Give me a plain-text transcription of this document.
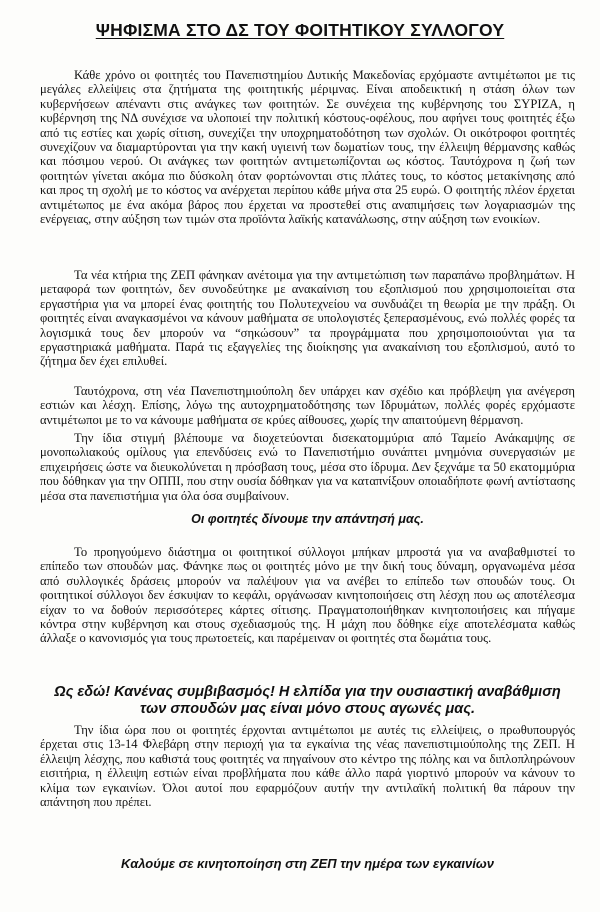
ΨΗΦΙΣΜΑ ΣΤΟ ΔΣ ΤΟΥ ΦΟΙΤΗΤΙΚΟΥ ΣΥΛΛΟΓΟΥ

Κάθε χρόνο οι φοιτητές του Πανεπιστημίου Δυτικής Μακεδονίας ερχόμαστε αντιμέτωποι με τις μεγάλες ελλείψεις στα ζητήματα της φοιτητικής μέριμνας. Είναι αποδεικτική η στάση όλων των κυβερνήσεων απέναντι στις ανάγκες των φοιτητών. Σε συνέχεια της κυβέρνησης του ΣΥΡΙΖΑ, η κυβέρνηση της ΝΔ συνέχισε να υλοποιεί την πολιτική κόστους-οφέλους, που αφήνει τους φοιτητές έξω από τις εστίες και χωρίς σίτιση, συνεχίζει την υποχρηματοδότηση των σχολών. Οι οικότροφοι φοιτητές συνεχίζουν να διαμαρτύρονται για την κακή υγιεινή των δωματίων τους, την έλλειψη θέρμανσης καθώς και πόσιμου νερού. Οι ανάγκες των φοιτητών αντιμετωπίζονται ως κόστος. Ταυτόχρονα η ζωή των φοιτητών γίνεται ακόμα πιο δύσκολη όταν φορτώνονται στις πλάτες τους, το κόστος μετακίνησης από και προς τη σχολή με το κόστος να ανέρχεται περίπου κάθε μήνα στα 25 ευρώ. Ο φοιτητής πλέον έρχεται αντιμέτωπος με ένα ακόμα βάρος που έρχεται να προστεθεί στις αναπιμήσεις των λογαριασμών της ενέργειας, στην αύξηση των τιμών στα προϊόντα λαϊκής κατανάλωσης, στην αύξηση των ενοικίων.

Τα νέα κτήρια της ΖΕΠ φάνηκαν ανέτοιμα για την αντιμετώπιση των παραπάνω προβλημάτων. Η μεταφορά των φοιτητών, δεν συνοδεύτηκε με ανακαίνιση του εξοπλισμού που χρησιμοποιείται στα εργαστήρια για να μπορεί ένας φοιτητής του Πολυτεχνείου να συνδυάζει τη θεωρία με την πράξη. Οι φοιτητές είναι αναγκασμένοι να κάνουν μαθήματα σε υπολογιστές ξεπερασμένους, ενώ πολλές φορές τα λογισμικά τους δεν μπορούν να “σηκώσουν” τα προγράμματα που χρησιμοποιούνται για τα εργαστηριακά μαθήματα. Παρά τις εξαγγελίες της διοίκησης για ανακαίνιση του εξοπλισμού, αυτό το ζήτημα δεν έχει επιλυθεί.

Ταυτόχρονα, στη νέα Πανεπιστημιούπολη δεν υπάρχει καν σχέδιο και πρόβλεψη για ανέγερση εστιών και λέσχη. Επίσης, λόγω της αυτοχρηματοδότησης των Ιδρυμάτων, πολλές φορές ερχόμαστε αντιμέτωποι με το να κάνουμε μαθήματα σε κρύες αίθουσες, χωρίς την απαιτούμενη θέρμανση.

Την ίδια στιγμή βλέπουμε να διοχετεύονται δισεκατομμύρια από Ταμείο Ανάκαμψης σε μονοπωλιακούς ομίλους για επενδύσεις ενώ το Πανεπιστήμιο συνάπτει μνημόνια συνεργασιών με επιχειρήσεις ώστε να διευκολύνεται η πρόσβαση τους, μέσα στο ίδρυμα. Δεν ξεχνάμε τα 50 εκατομμύρια που δόθηκαν για την ΟΠΠΙ, που στην ουσία δόθηκαν για να καταπνίξουν οποιαδήποτε φωνή αντίστασης μέσα στα πανεπιστήμια για όλα όσα συμβαίνουν.

Οι φοιτητές δίνουμε την απάντησή μας.

Το προηγούμενο διάστημα οι φοιτητικοί σύλλογοι μπήκαν μπροστά για να αναβαθμιστεί το επίπεδο των σπουδών μας. Φάνηκε πως οι φοιτητές μόνο με την δική τους δύναμη, οργανωμένα μέσα από συλλογικές δράσεις μπορούν να παλέψουν για να ανέβει το επίπεδο των σπουδών τους. Οι φοιτητικοί σύλλογοι δεν έσκυψαν το κεφάλι, οργάνωσαν κινητοποιήσεις στη λέσχη που ως αποτέλεσμα είχαν το να δοθούν περισσότερες κάρτες σίτισης. Πραγματοποιήθηκαν κινητοποιήσεις και πήγαμε κόντρα στην κυβέρνηση και στους σχεδιασμούς της. Η μάχη που δόθηκε είχε αποτελέσματα καθώς άλλαξε ο κανονισμός για τους πρωτοετείς, και παρέμειναν οι φοιτητές στα δωμάτια τους.

Ως εδώ! Κανένας συμβιβασμός! Η ελπίδα για την ουσιαστική αναβάθμιση των σπουδών μας είναι μόνο στους αγωνές μας.

Την ίδια ώρα που οι φοιτητές έρχονται αντιμέτωποι με αυτές τις ελλείψεις, ο πρωθυπουργός έρχεται στις 13-14 Φλεβάρη στην περιοχή για τα εγκαίνια της νέας πανεπιστιμιούπολης της ΖΕΠ. Η έλλειψη λέσχης, που καθιστά τους φοιτητές να πηγαίνουν στο κέντρο της πόλης και να διπλοπληρώνουν εισιτήρια, η έλλειψη εστιών είναι προβλήματα που κάθε άλλο παρά γιορτινό μπορούν να κάνουν το κλίμα των εγκαινίων. Όλοι αυτοί που εφαρμόζουν αυτήν την αντιλαϊκή πολιτική θα πάρουν την απάντηση που πρέπει.

Καλούμε σε κινητοποίηση στη ΖΕΠ την ημέρα των εγκαινίων
